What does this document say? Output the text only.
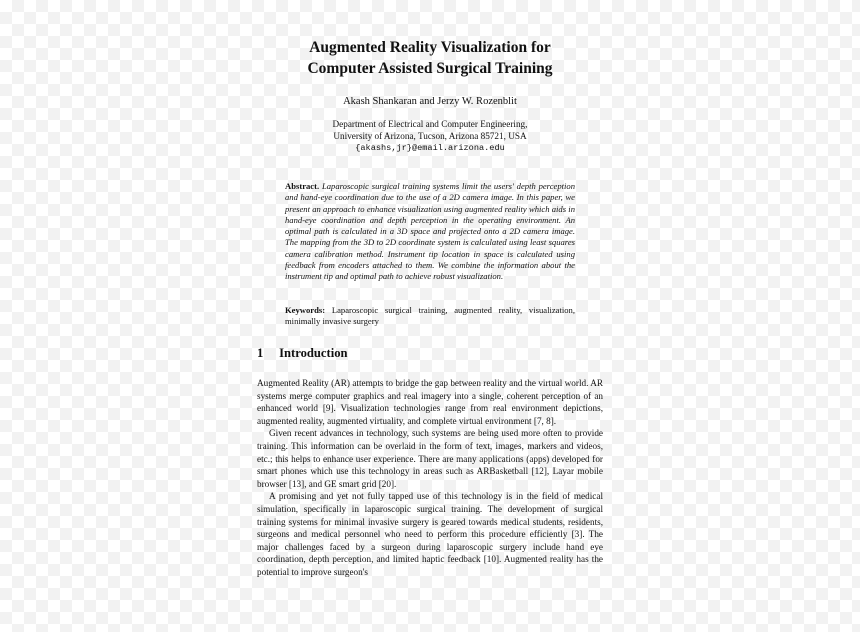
Augmented Reality Visualization for
Computer Assisted Surgical Training
Akash Shankaran and Jerzy W. Rozenblit
Department of Electrical and Computer Engineering,
University of Arizona, Tucson, Arizona 85721, USA
{akashs,jr}@email.arizona.edu
Abstract. Laparoscopic surgical training systems limit the users' depth perception and hand-eye coordination due to the use of a 2D camera image. In this paper, we present an approach to enhance visualization using augmented reality which aids in hand-eye coordination and depth perception in the operating environment. An optimal path is calculated in a 3D space and projected onto a 2D camera image. The mapping from the 3D to 2D coordinate system is calculated using least squares camera calibration method. Instrument tip location in space is calculated using feedback from encoders attached to them. We combine the information about the instrument tip and optimal path to achieve robust visualization.
Keywords: Laparoscopic surgical training, augmented reality, visualization, minimally invasive surgery
1 Introduction

Augmented Reality (AR) attempts to bridge the gap between reality and the virtual world. AR systems merge computer graphics and real imagery into a single, coherent perception of an enhanced world [9]. Visualization technologies range from real environment depictions, augmented reality, augmented virtuality, and complete virtual environment [7, 8].

Given recent advances in technology, such systems are being used more often to provide training. This information can be overlaid in the form of text, images, markers and videos, etc.; this helps to enhance user experience. There are many applications (apps) developed for smart phones which use this technology in areas such as ARBasketball [12], Layar mobile browser [13], and GE smart grid [20].

A promising and yet not fully tapped use of this technology is in the field of medical simulation, specifically in laparoscopic surgical training. The development of surgical training systems for minimal invasive surgery is geared towards medical students, residents, surgeons and medical personnel who need to perform this procedure efficiently [3]. The major challenges faced by a surgeon during laparoscopic surgery include hand eye coordination, depth perception, and limited haptic feedback [10]. Augmented reality has the potential to improve surgeon's
